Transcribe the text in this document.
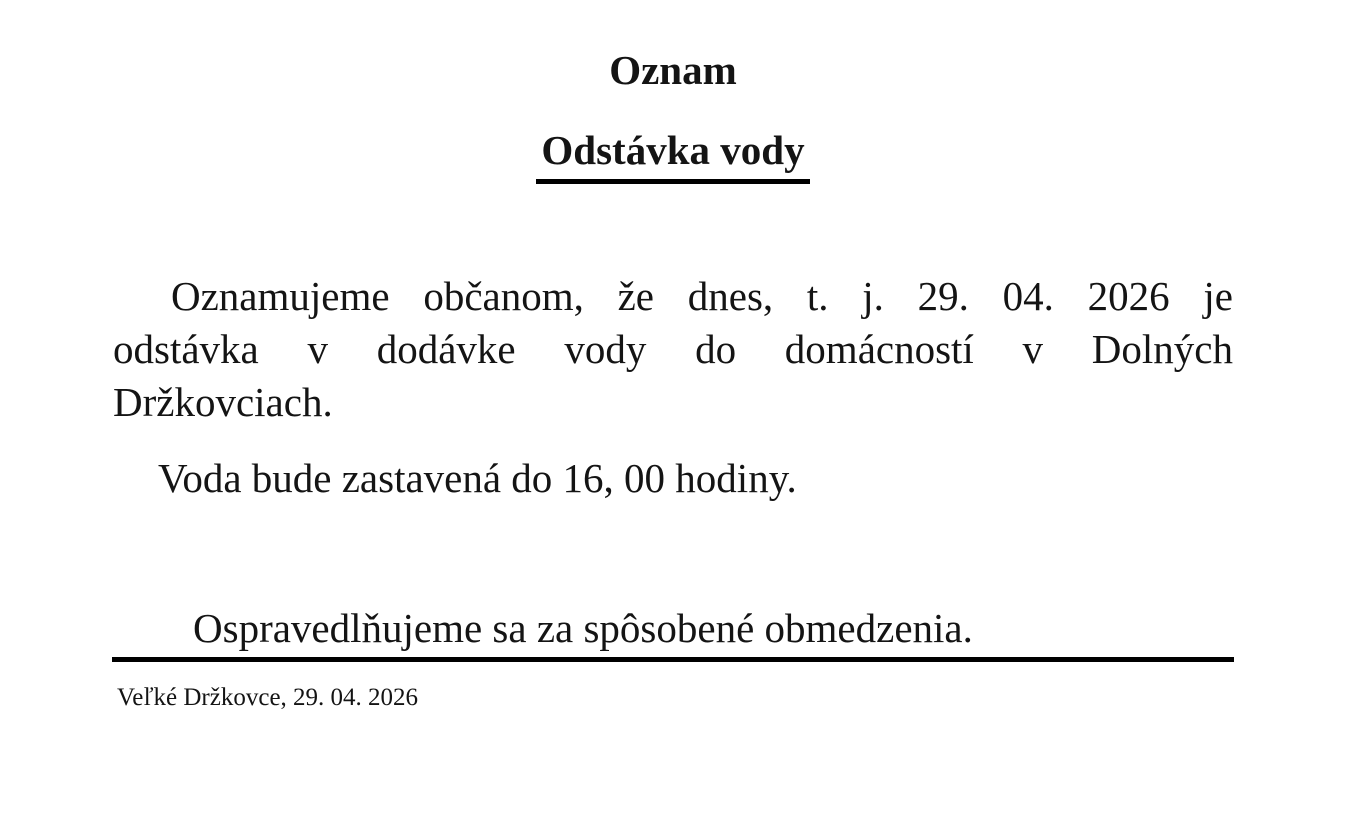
Oznam
Odstávka vody
Oznamujeme občanom, že dnes, t. j. 29. 04. 2026 je
odstávka v dodávke vody do domácností v Dolných
Držkovciach.

Voda bude zastavená do 16, 00 hodiny.

Ospravedlňujeme sa za spôsobené obmedzenia.

Veľké Držkovce, 29. 04. 2026
